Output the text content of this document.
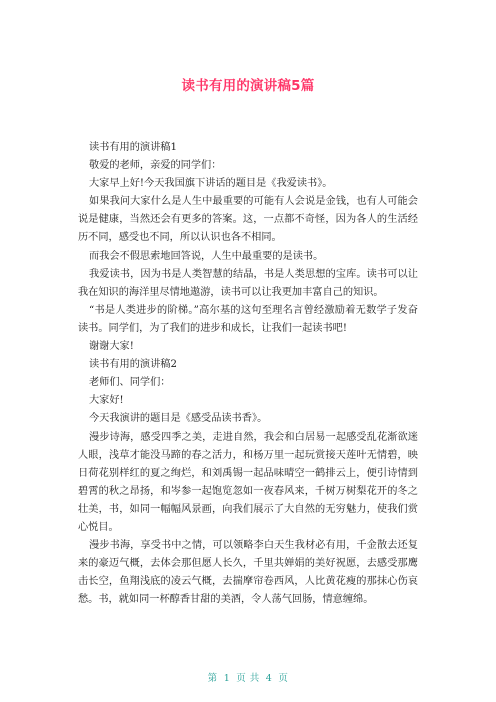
读书有用的演讲稿5篇

读书有用的演讲稿1

敬爱的老师，亲爱的同学们：

大家早上好!今天我国旗下讲话的题目是《我爱读书》。

如果我问大家什么是人生中最重要的可能有人会说是金钱，也有人可能会说是健康，当然还会有更多的答案。这，一点都不奇怪，因为各人的生活经历不同，感受也不同，所以认识也各不相同。

而我会不假思索地回答说，人生中最重要的是读书。

我爱读书，因为书是人类智慧的结晶，书是人类思想的宝库。读书可以让我在知识的海洋里尽情地遨游，读书可以让我更加丰富自己的知识。

“书是人类进步的阶梯。”高尔基的这句至理名言曾经激励着无数学子发奋读书。同学们，为了我们的进步和成长，让我们一起读书吧!

谢谢大家!

读书有用的演讲稿2

老师们、同学们：

大家好!

今天我演讲的题目是《感受品读书香》。

漫步诗海，感受四季之美，走进自然，我会和白居易一起感受乱花渐欲迷人眼，浅草才能没马蹄的春之活力，和杨万里一起玩赏接天莲叶无情碧，映日荷花别样红的夏之绚烂，和刘禹锡一起品味晴空一鹤排云上，便引诗情到碧霄的秋之昂扬，和岑参一起饱览忽如一夜春风来，千树万树梨花开的冬之壮美，书，如同一幅幅风景画，向我们展示了大自然的无穷魅力，使我们赏心悦目。

漫步书海，享受书中之情，可以领略李白天生我材必有用，千金散去还复来的豪迈气概，去体会那但愿人长久，千里共婵娟的美好祝愿，去感受那鹰击长空，鱼翔浅底的凌云气概，去揣摩帘卷西风，人比黄花瘦的那抹心伤哀愁。书，就如同一杯醇香甘甜的美酒，令人荡气回肠，情意缠绵。

第 1 页 共 4 页
